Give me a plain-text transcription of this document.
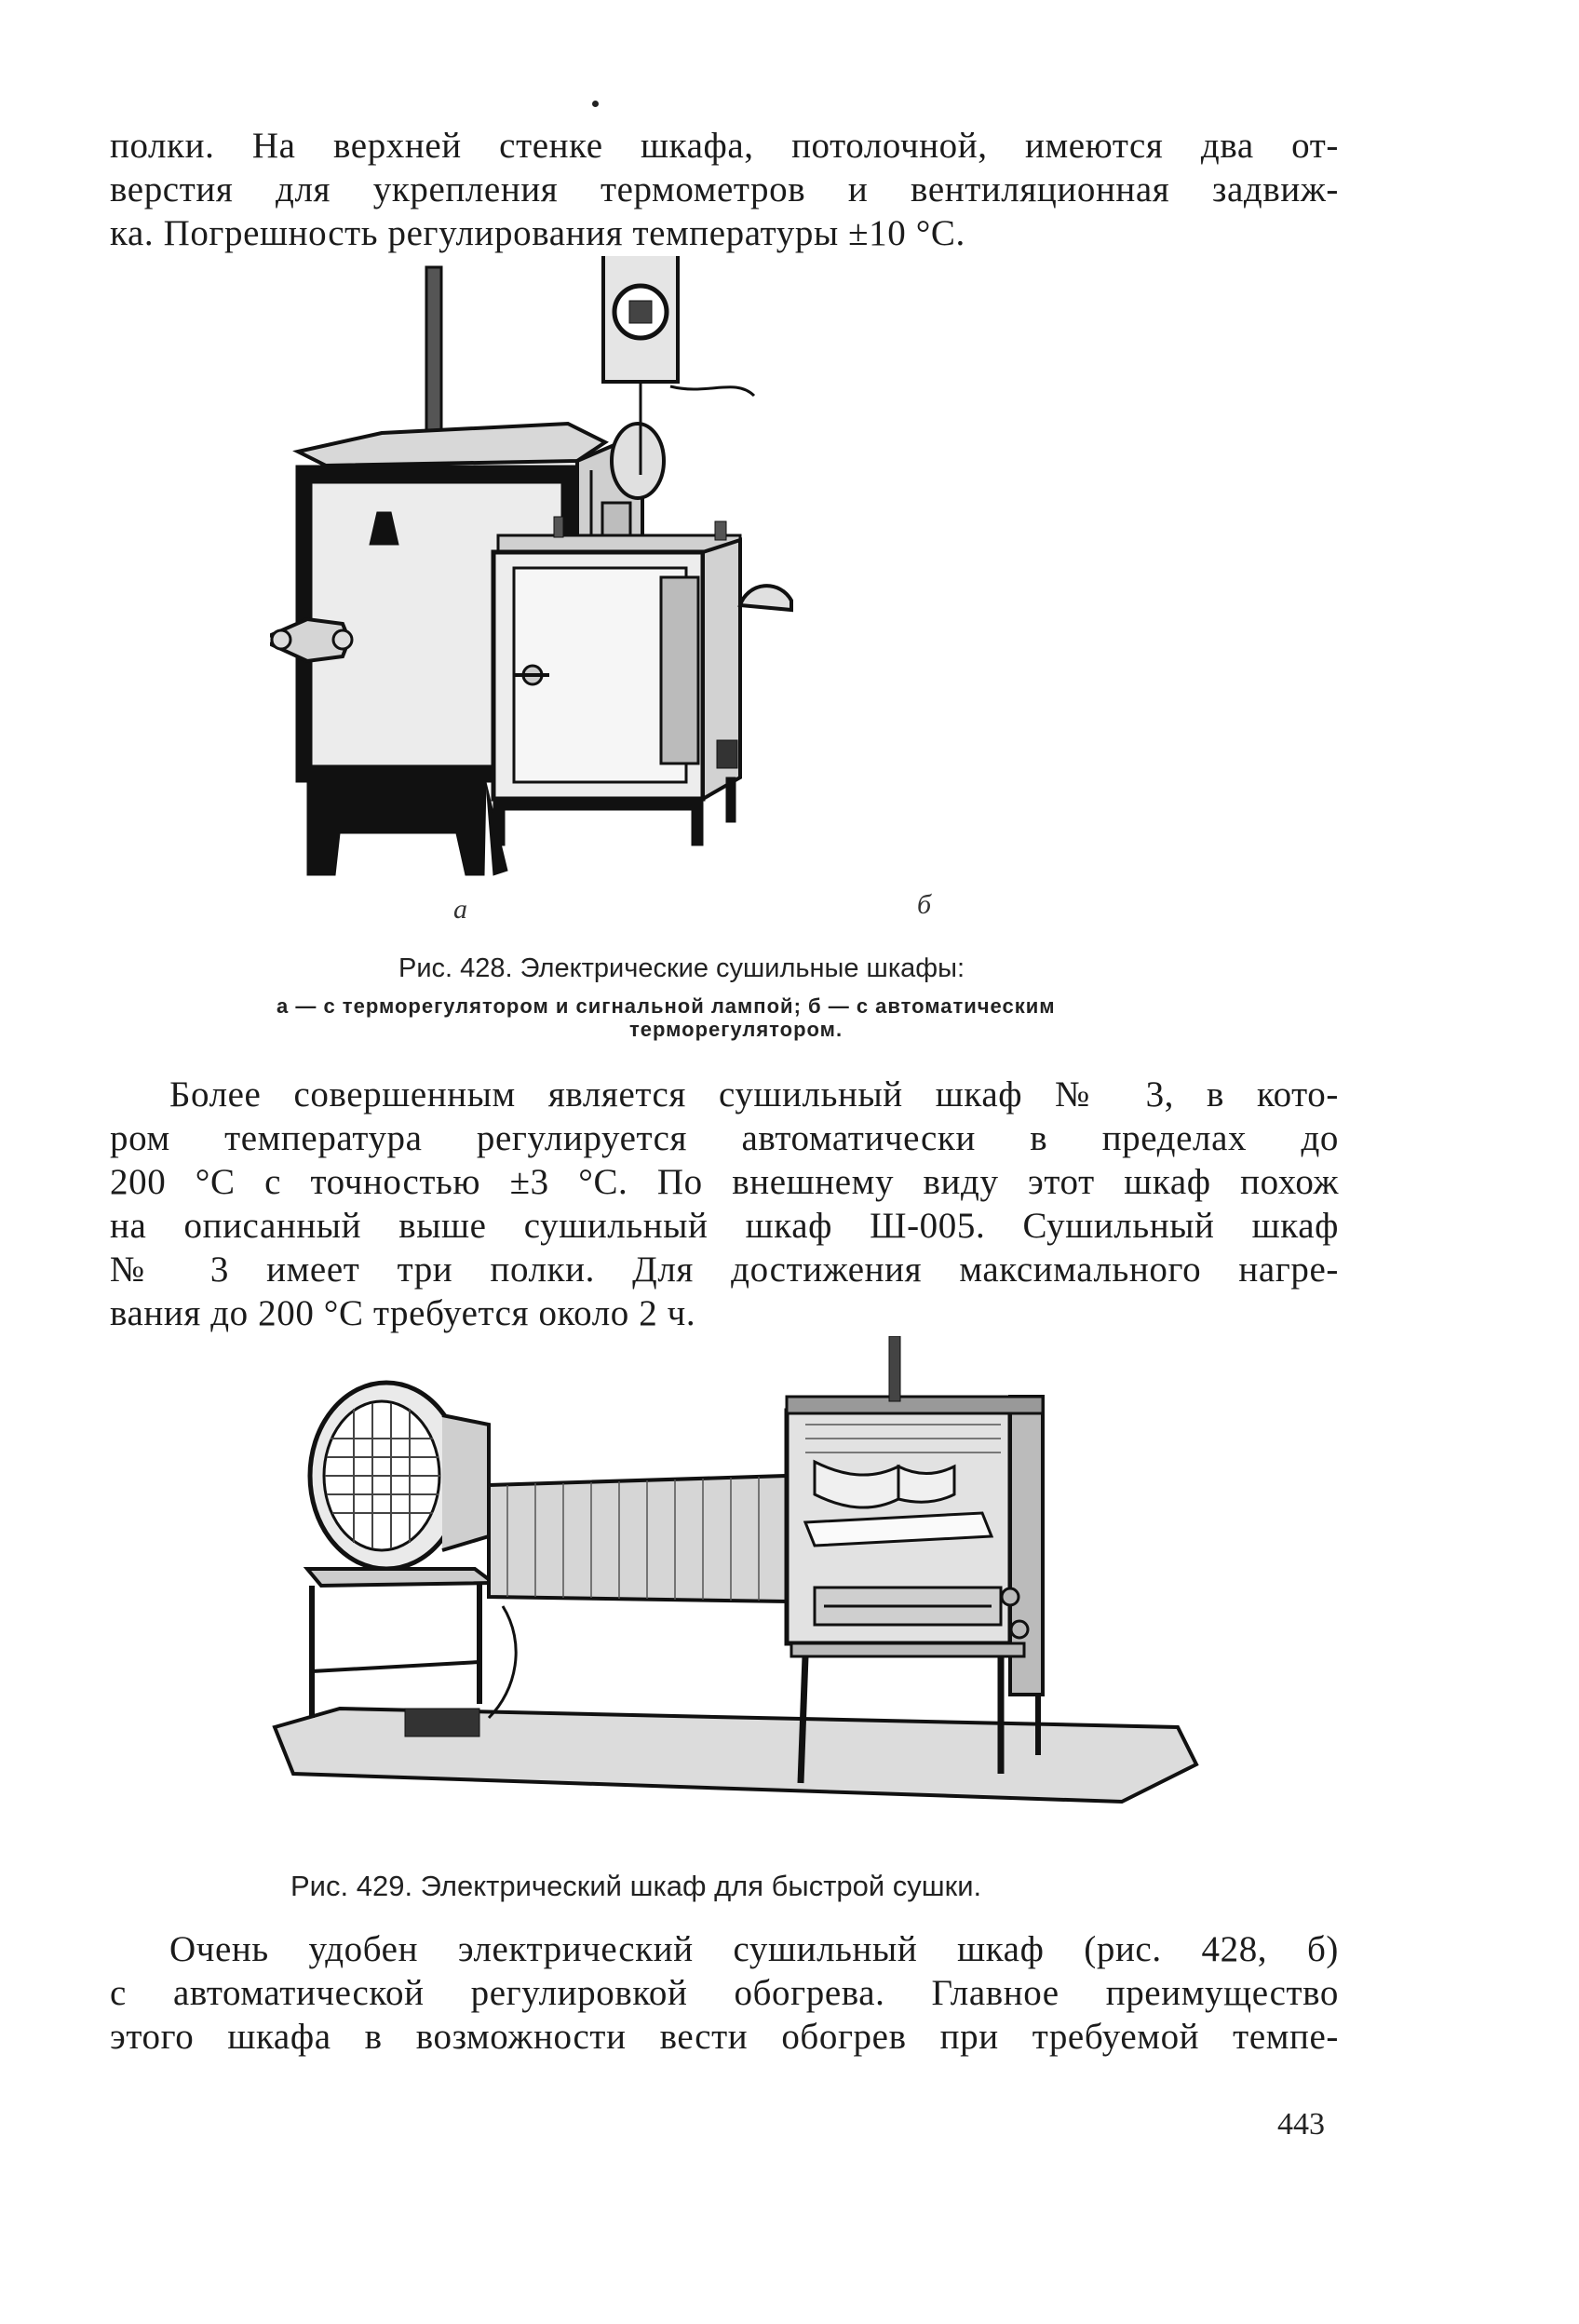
полки. На верхней стенке шкафа, потолочной, имеются два от-
верстия для укрепления термометров и вентиляционная задвиж-
ка. Погрешность регулирования температуры ±10 °С.
а	б
Рис. 428. Электрические сушильные шкафы:
а — с терморегулятором и сигнальной лампой; б — с автоматическим
терморегулятором.
Более совершенным является сушильный шкаф № 3, в кото-
ром температура регулируется автоматически в пределах до
200 °С с точностью ±3 °С. По внешнему виду этот шкаф похож
на описанный выше сушильный шкаф Ш-005. Сушильный шкаф
№ 3 имеет три полки. Для достижения максимального нагре-
вания до 200 °С требуется около 2 ч.
Рис. 429. Электрический шкаф для быстрой сушки.
Очень удобен электрический сушильный шкаф (рис. 428, б)
с автоматической регулировкой обогрева. Главное преимущество
этого шкафа в возможности вести обогрев при требуемой темпе-
443
